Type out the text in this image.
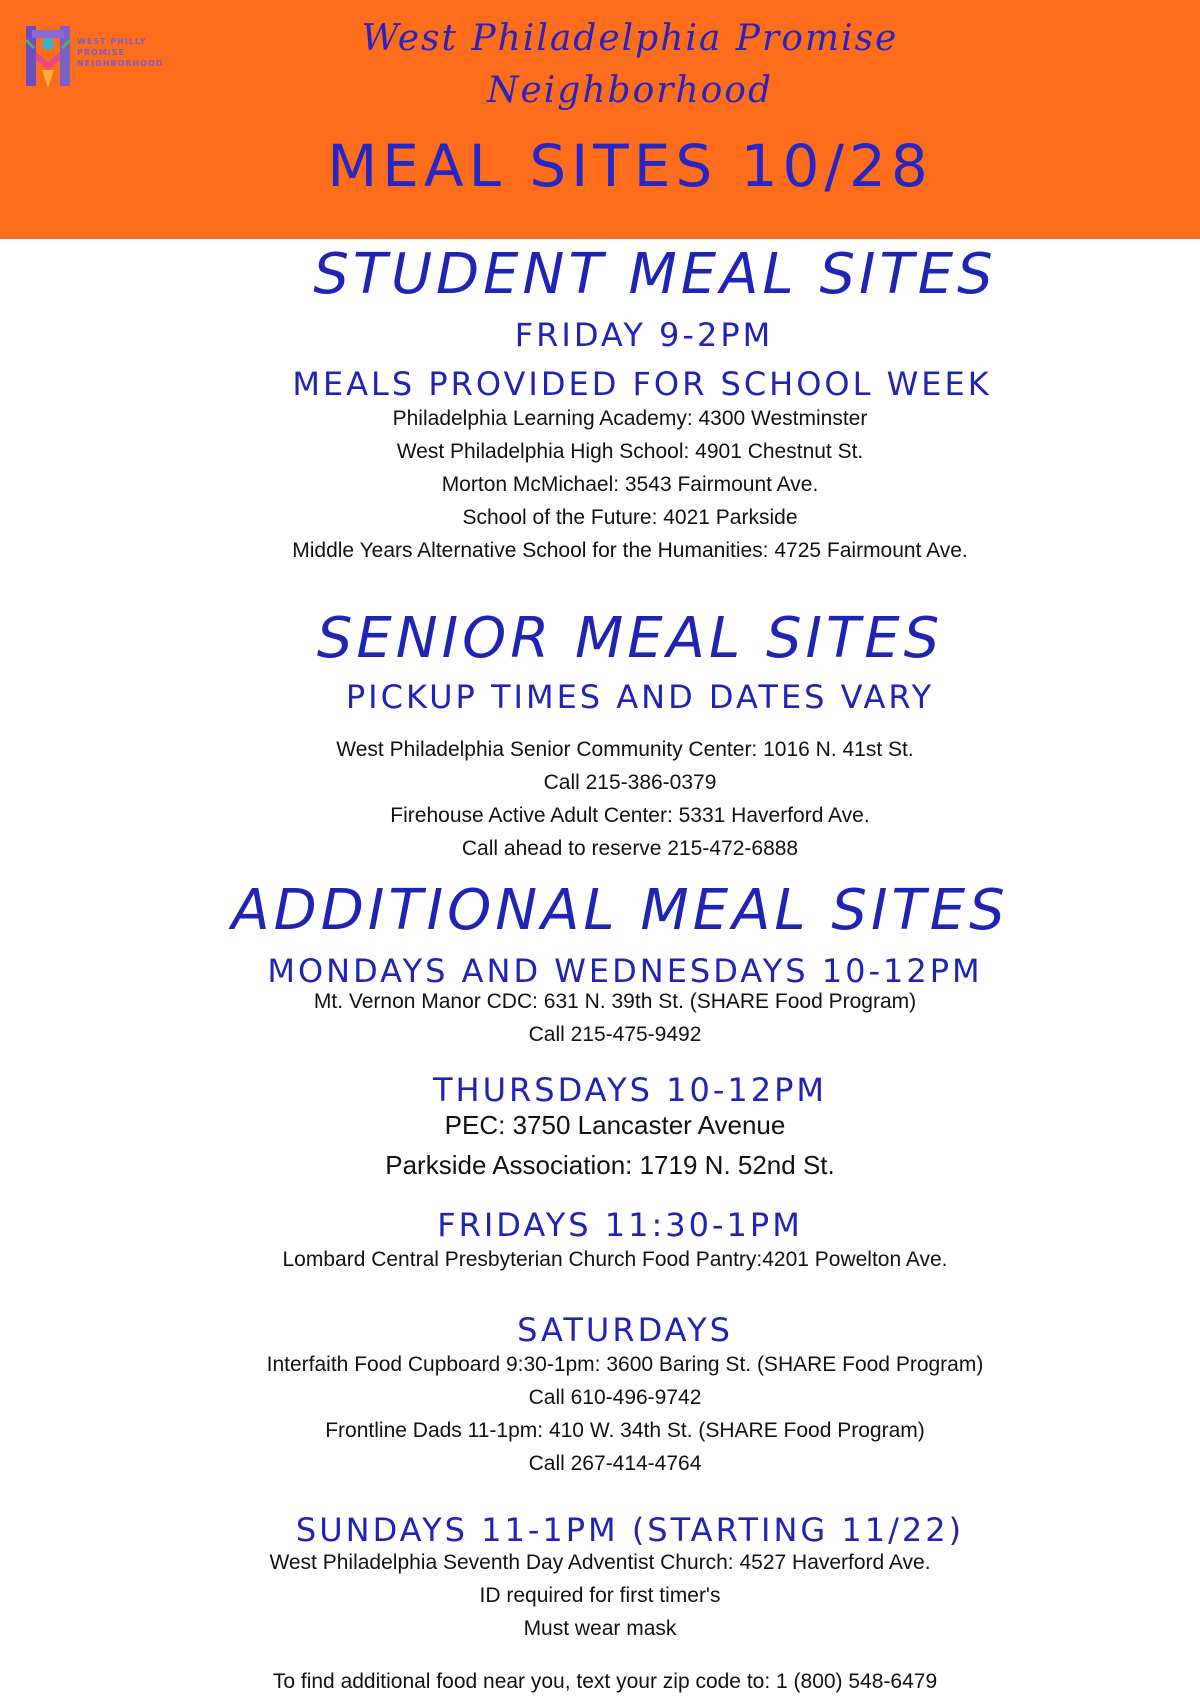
WEST PHILLY
PROMISE
NEIGHBORHOOD
West Philadelphia Promise
Neighborhood
MEAL SITES 10/28
STUDENT MEAL SITES
FRIDAY 9-2PM
MEALS PROVIDED FOR SCHOOL WEEK
Philadelphia Learning Academy: 4300 Westminster
West Philadelphia High School: 4901 Chestnut St.
Morton McMichael: 3543 Fairmount Ave.
School of the Future: 4021 Parkside
Middle Years Alternative School for the Humanities: 4725 Fairmount Ave.
SENIOR MEAL SITES
PICKUP TIMES AND DATES VARY
West Philadelphia Senior Community Center: 1016 N. 41st St.
Call 215-386-0379
Firehouse Active Adult Center: 5331 Haverford Ave.
Call ahead to reserve 215-472-6888
ADDITIONAL MEAL SITES
MONDAYS AND WEDNESDAYS 10-12PM
Mt. Vernon Manor CDC: 631 N. 39th St. (SHARE Food Program)
Call 215-475-9492
THURSDAYS 10-12PM
PEC: 3750 Lancaster Avenue
Parkside Association: 1719 N. 52nd St.
FRIDAYS 11:30-1PM
Lombard Central Presbyterian Church Food Pantry:4201 Powelton Ave.
SATURDAYS
Interfaith Food Cupboard 9:30-1pm: 3600 Baring St. (SHARE Food Program)
Call 610-496-9742
Frontline Dads 11-1pm: 410 W. 34th St. (SHARE Food Program)
Call 267-414-4764
SUNDAYS 11-1PM (STARTING 11/22)
West Philadelphia Seventh Day Adventist Church: 4527 Haverford Ave.
ID required for first timer's
Must wear mask
To find additional food near you, text your zip code to: 1 (800) 548-6479
